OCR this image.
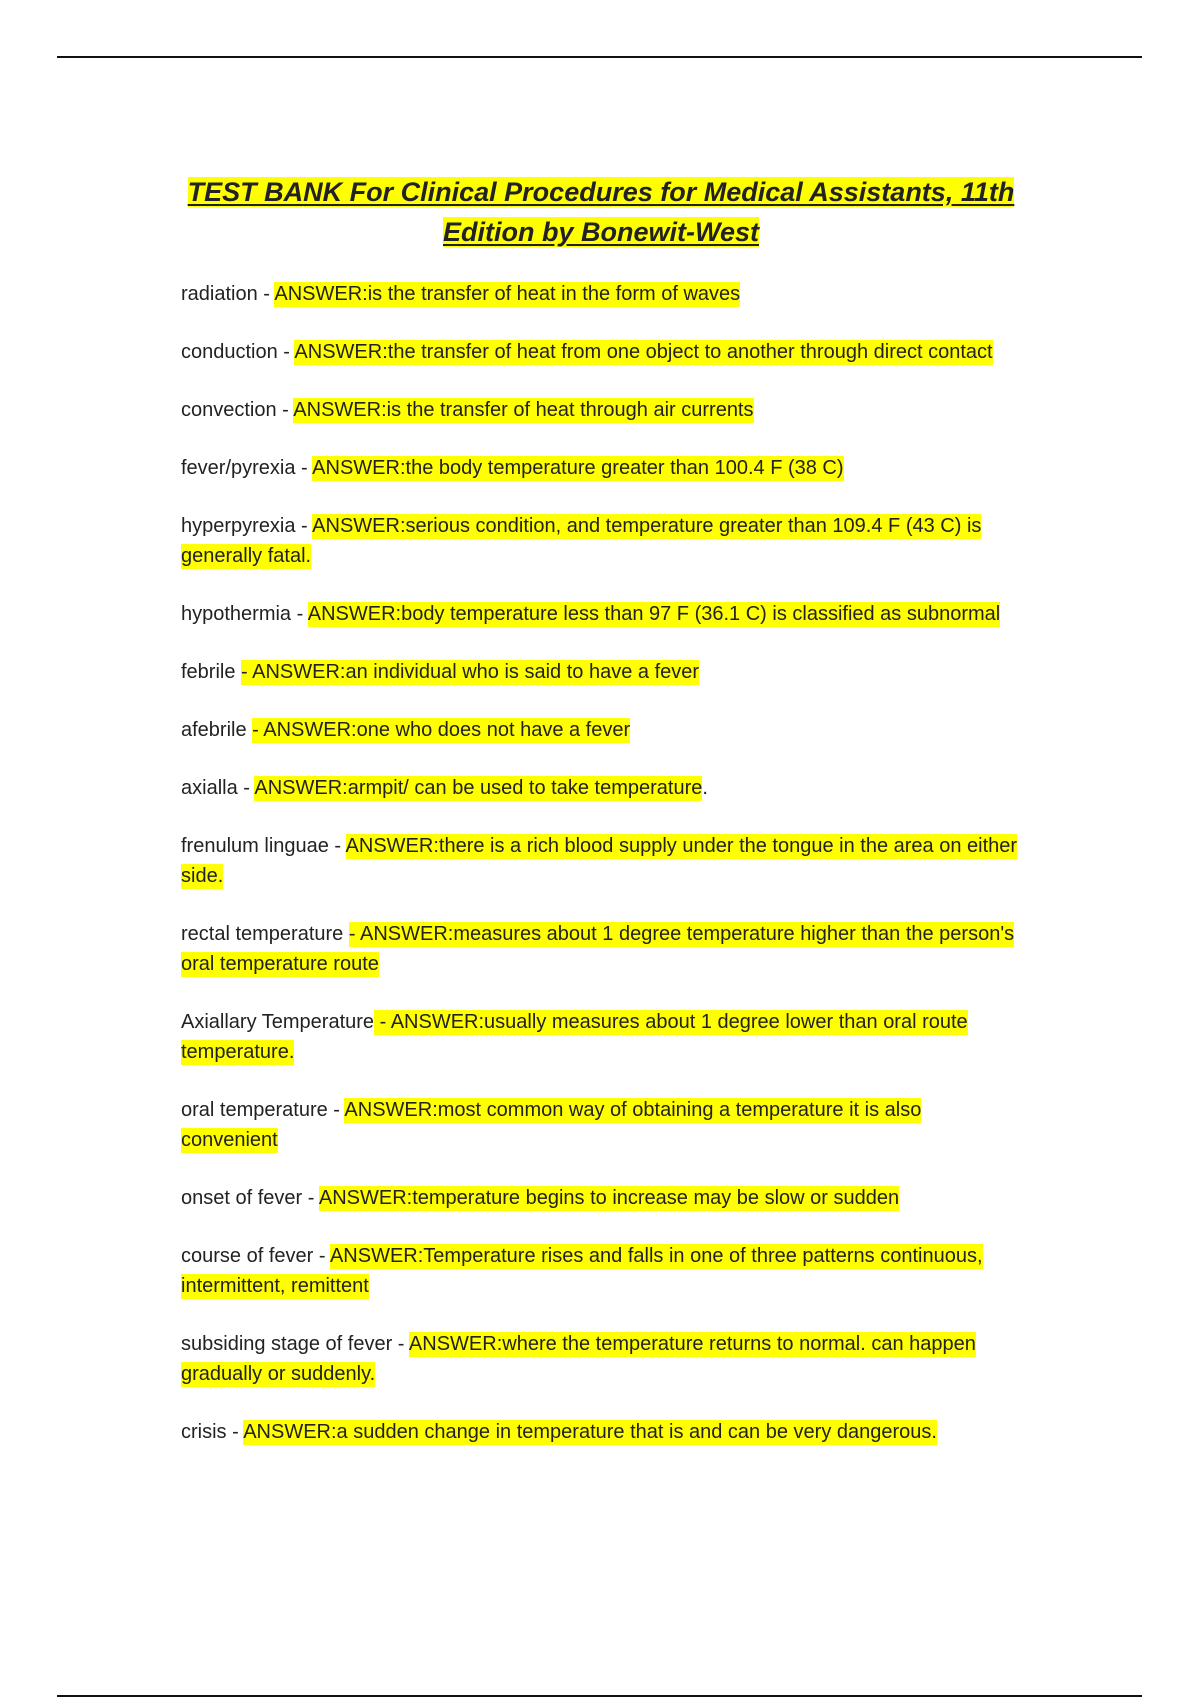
TEST BANK For Clinical Procedures for Medical Assistants, 11th Edition by Bonewit-West

radiation - ANSWER:is the transfer of heat in the form of waves

conduction - ANSWER:the transfer of heat from one object to another through direct contact

convection - ANSWER:is the transfer of heat through air currents

fever/pyrexia - ANSWER:the body temperature greater than 100.4 F (38 C)

hyperpyrexia - ANSWER:serious condition, and temperature greater than 109.4 F (43 C) is generally fatal.

hypothermia - ANSWER:body temperature less than 97 F (36.1 C) is classified as subnormal

febrile - ANSWER:an individual who is said to have a fever

afebrile - ANSWER:one who does not have a fever

axialla - ANSWER:armpit/ can be used to take temperature.

frenulum linguae - ANSWER:there is a rich blood supply under the tongue in the area on either side.

rectal temperature - ANSWER:measures about 1 degree temperature higher than the person's oral temperature route

Axiallary Temperature - ANSWER:usually measures about 1 degree lower than oral route temperature.

oral temperature - ANSWER:most common way of obtaining a temperature it is also convenient

onset of fever - ANSWER:temperature begins to increase may be slow or sudden

course of fever - ANSWER:Temperature rises and falls in one of three patterns continuous, intermittent, remittent

subsiding stage of fever - ANSWER:where the temperature returns to normal. can happen gradually or suddenly.

crisis - ANSWER:a sudden change in temperature that is and can be very dangerous.
